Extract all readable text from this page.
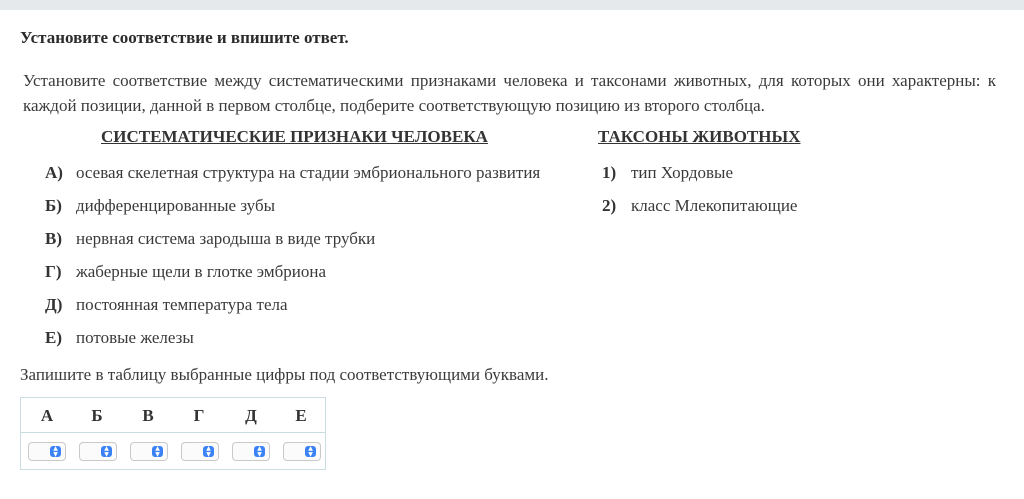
Установите соответствие и впишите ответ.
Установите соответствие между систематическими признаками человека и таксонами животных, для которых они характерны: к каждой позиции, данной в первом столбце, подберите соответствующую позицию из второго столбца.
СИСТЕМАТИЧЕСКИЕ ПРИЗНАКИ ЧЕЛОВЕКА	ТАКСОНЫ ЖИВОТНЫХ
А) осевая скелетная структура на стадии эмбрионального развития
Б) дифференцированные зубы
В) нервная система зародыша в виде трубки
Г) жаберные щели в глотке эмбриона
Д) постоянная температура тела
Е) потовые железы
1) тип Хордовые
2) класс Млекопитающие
Запишите в таблицу выбранные цифры под соответствующими буквами.
А	Б	В	Г	Д	Е
▲
▼
▲
▼
▲
▼
▲
▼
▲
▼
▲
▼
